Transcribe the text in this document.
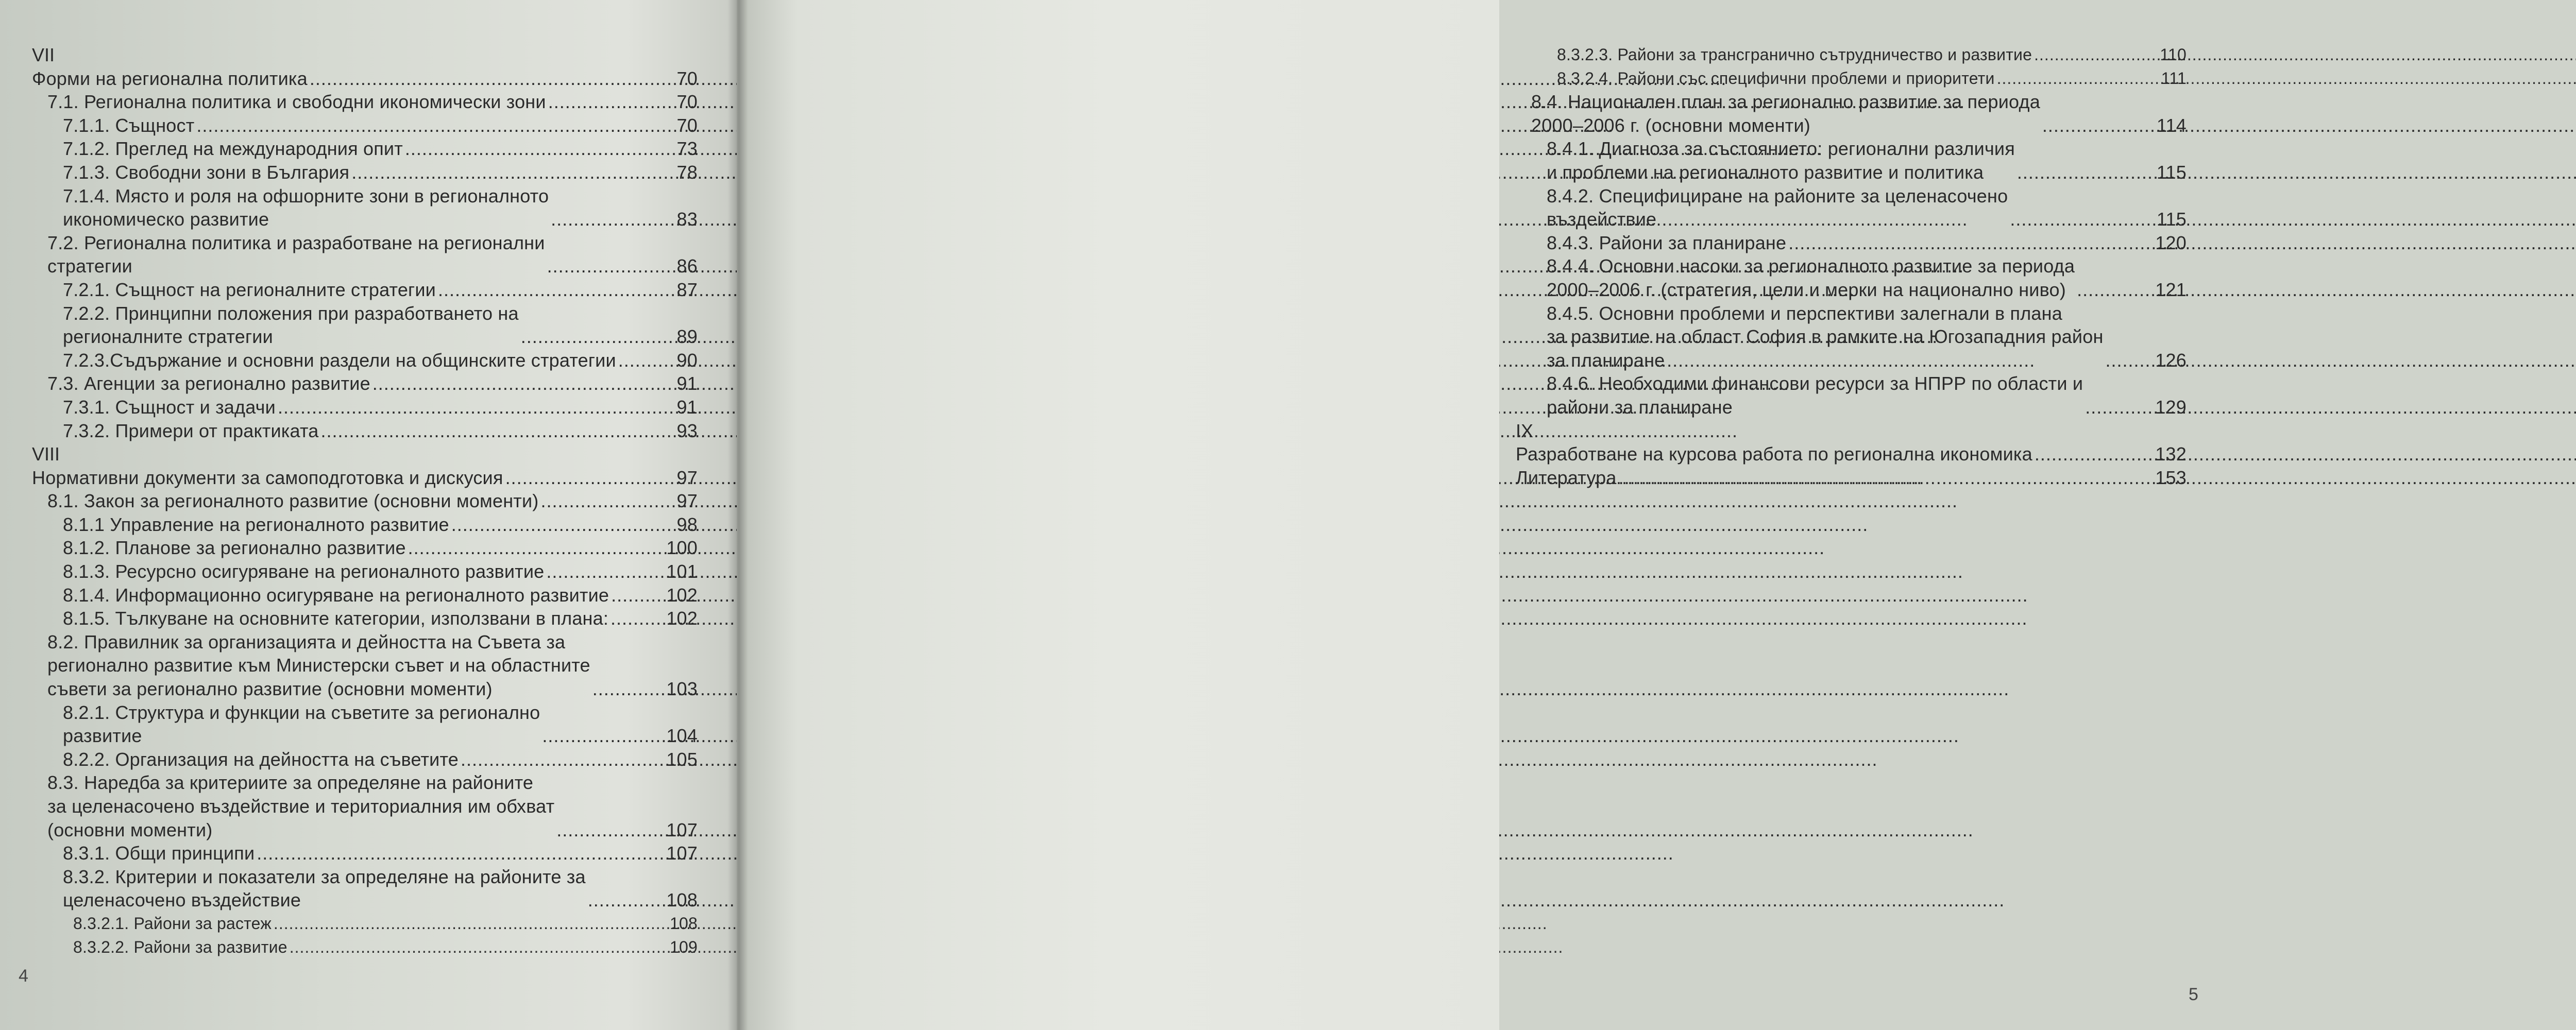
VII
Форми на регионална политика .....	70
7.1. Регионална политика и свободни икономически зони .....	70
7.1.1. Същност .....	70
7.1.2. Преглед на международния опит .....	73
7.1.3. Свободни зони в България .....	78
7.1.4. Място и роля на офшорните зони в регионалното
икономическо развитие .....	83
7.2. Регионална политика и разработване на регионални
стратегии .....	86
7.2.1. Същност на регионалните стратегии .....	87
7.2.2. Принципни положения при разработването на
регионалните стратегии .....	89
7.2.3.Съдържание и основни раздели на общинските стратегии .....	90
7.3. Агенции за регионално развитие .....	91
7.3.1. Същност и задачи .....	91
7.3.2. Примери от практиката .....	93
VIII
Нормативни документи за самоподготовка и дискусия .....	97
8.1. Закон за регионалното развитие (основни моменти) .....	97
8.1.1 Управление на регионалното развитие .....	98
8.1.2. Планове за регионално развитие .....	100
8.1.3. Ресурсно осигуряване на регионалното развитие .....	101
8.1.4. Информационно осигуряване на регионалното развитие .....	102
8.1.5. Тълкуване на основните категории, използвани в плана: .....	102
8.2. Правилник за организацията и дейността на Съвета за
регионално развитие към Министерски съвет и на областните
съвети за регионално развитие (основни моменти) .....	103
8.2.1. Структура и функции на съветите за регионално
развитие .....	104
8.2.2. Организация на дейността на съветите .....	105
8.3. Наредба за критериите за определяне на районите
за целенасочено въздействие и териториалния им обхват
(основни моменти) .....	107
8.3.1. Общи принципи .....	107
8.3.2. Критерии и показатели за определяне на районите за
целенасочено въздействие .....	108
8.3.2.1. Райони за растеж .....	108
8.3.2.2. Райони за развитие .....	109
4
8.3.2.3. Райони за трансгранично сътрудничество и развитие .....	110
8.3.2.4. Райони със специфични проблеми и приоритети .....	111
8.4. Национален план за регионално развитие за периода
2000–2006 г. (основни моменти) .....	114
8.4.1. Диагноза за състоянието: регионални различия
и проблеми на регионалното развитие и политика .....	115
8.4.2. Специфициране на районите за целенасочено
въздействие .....	115
8.4.3. Райони за планиране .....	120
8.4.4. Основни насоки за регионалното развитие за периода
2000–2006 г. (стратегия, цели и мерки на национално ниво) .....	121
8.4.5. Основни проблеми и перспективи залегнали в плана
за развитие на област София в рамките на Югозападния район
за планиране .....	126
8.4.6. Необходими финансови ресурси за НПРР по области и
райони за планиране .....	129
IX
Разработване на курсова работа по регионална икономика .....	132
Литература .....	153
5
